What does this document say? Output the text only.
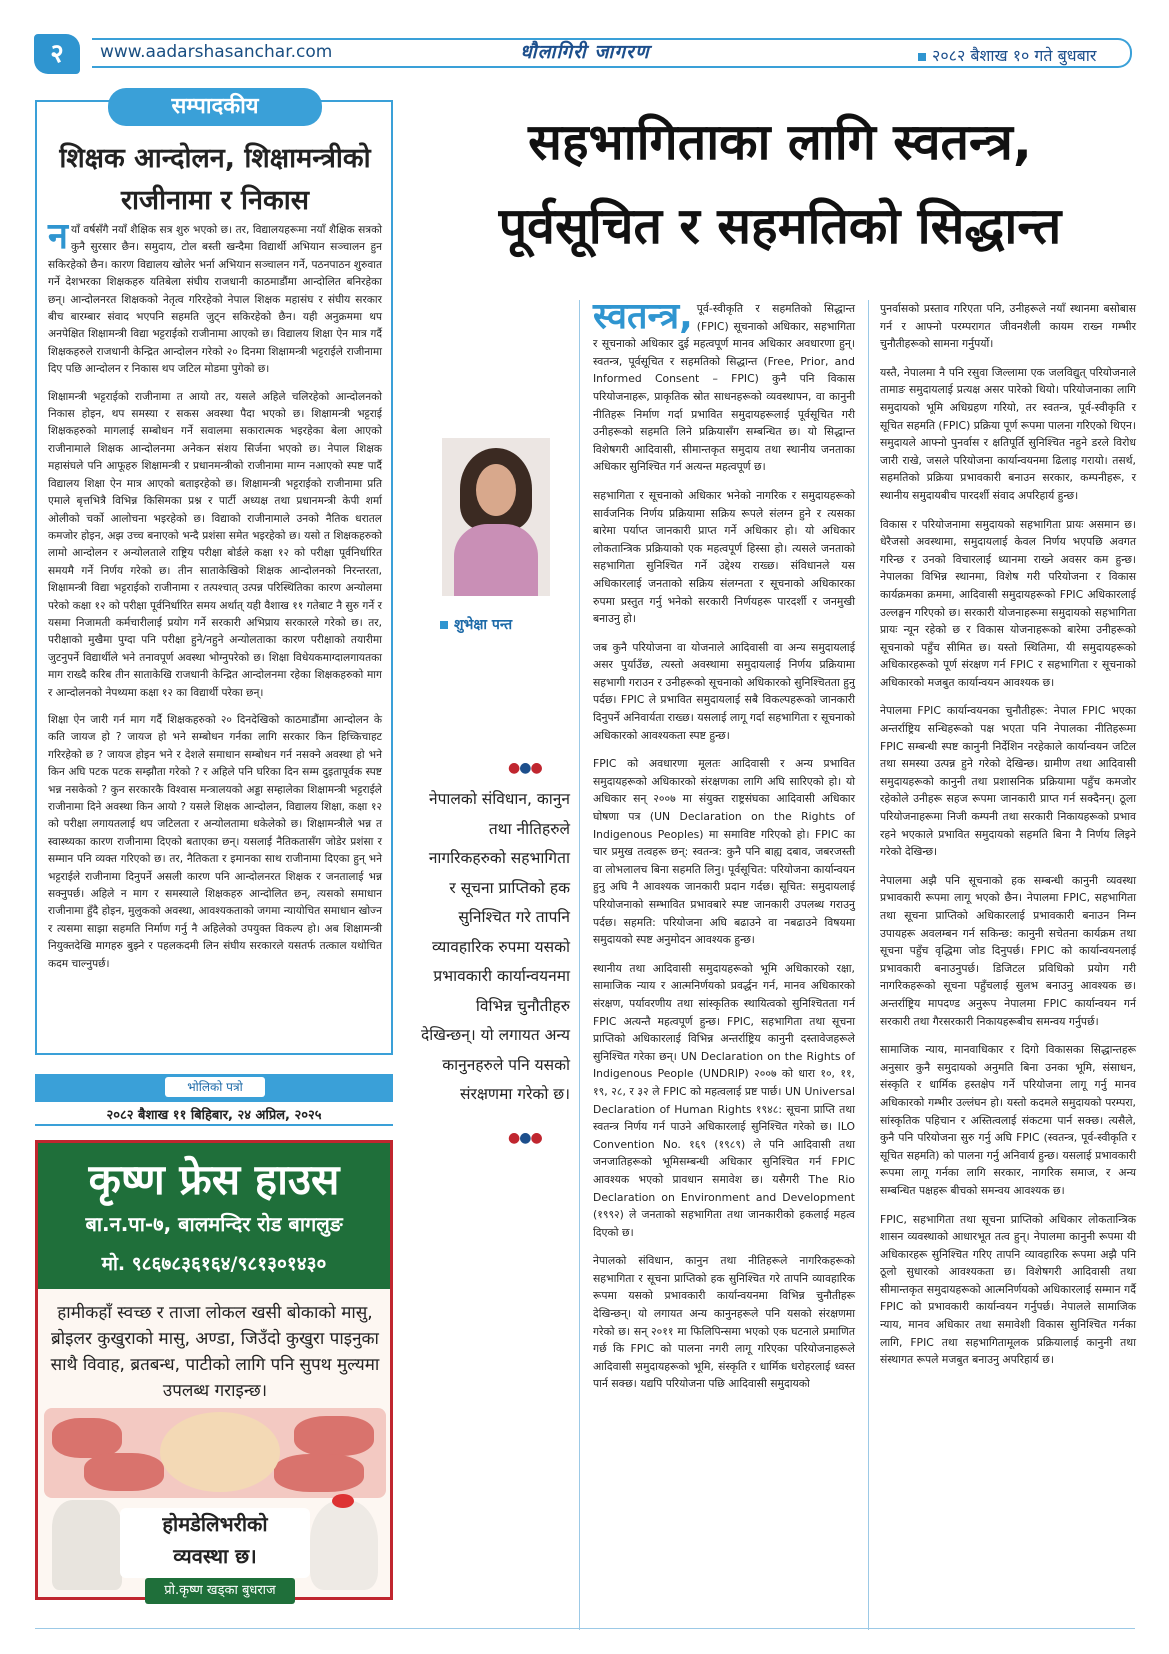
२	www.aadarshasanchar.com	धौलागिरी जागरण	२०८२ बैशाख १० गते बुधबार
सम्पादकीय
शिक्षक आन्दोलन, शिक्षामन्त्रीको
राजीनामा र निकास

नयाँ वर्षसँगै नयाँ शैक्षिक सत्र शुरु भएको छ। तर, विद्यालयहरूमा नयाँ शैक्षिक सत्रको कुनै सुरसार छैन। समुदाय, टोल बस्ती खन्दैमा विद्यार्थी अभियान सञ्चालन हुन सकिरहेको छैन। कारण विद्यालय खोलेर भर्ना अभियान सञ्चालन गर्ने, पठनपाठन शुरुवात गर्ने देशभरका शिक्षकहरु यतिबेला संघीय राजधानी काठमाडौंमा आन्दोलित बनिरहेका छन्। आन्दोलनरत शिक्षकको नेतृत्व गरिरहेको नेपाल शिक्षक महासंघ र संघीय सरकार बीच बारम्बार संवाद भएपनि सहमति जुट्न सकिरहेको छैन। यही अनुक्रममा थप अनपेक्षित शिक्षामन्त्री विद्या भट्टराईको राजीनामा आएको छ। विद्यालय शिक्षा ऐन मात्र गर्दै शिक्षकहरुले राजधानी केन्द्रित आन्दोलन गरेको २० दिनमा शिक्षामन्त्री भट्टराईले राजीनामा दिए पछि आन्दोलन र निकास थप जटिल मोडमा पुगेको छ।

शिक्षामन्त्री भट्टराईको राजीनामा त आयो तर, यसले अहिले चलिरहेको आन्दोलनको निकास होइन, थप समस्या र सकस अवस्था पैदा भएको छ। शिक्षामन्त्री भट्टराई शिक्षकहरुको मागलाई सम्बोधन गर्ने सवालमा सकारात्मक भइरहेका बेला आएको राजीनामाले शिक्षक आन्दोलनमा अनेकन संशय सिर्जना भएको छ। नेपाल शिक्षक महासंघले पनि आफूहरु शिक्षामन्त्री र प्रधानमन्त्रीको राजीनामा माग्न नआएको स्पष्ट पार्दै विद्यालय शिक्षा ऐन मात्र आएको बताइरहेको छ। शिक्षामन्त्री भट्टराईको राजीनामा प्रति एमाले बृत्तभित्रै विभिन्न किसिमका प्रश्न र पार्टी अध्यक्ष तथा प्रधानमन्त्री केपी शर्मा ओलीको चर्को आलोचना भइरहेको छ। विद्याको राजीनामाले उनको नैतिक धरातल कमजोर होइन, अझ उच्च बनाएको भन्दै प्रशंसा समेत भइरहेको छ। यसो त शिक्षकहरुको लामो आन्दोलन र अन्योलताले राष्ट्रिय परीक्षा बोर्डले कक्षा १२ को परीक्षा पूर्वनिर्धारित समयमै गर्ने निर्णय गरेको छ। तीन साताकेखिको शिक्षक आन्दोलनको निरन्तरता, शिक्षामन्त्री विद्या भट्टराईको राजीनामा र तत्पश्चात् उत्पन्न परिस्थितिका कारण अन्योलमा परेको कक्षा १२ को परीक्षा पूर्वनिर्धारित समय अर्थात् यही वैशाख ११ गतेबाट नै सुरु गर्ने र यसमा निजामती कर्मचारीलाई प्रयोग गर्ने सरकारी अभिप्राय सरकारले गरेको छ। तर, परीक्षाको मुखैमा पुग्दा पनि परीक्षा हुने/नहुने अन्योलताका कारण परीक्षाको तयारीमा जुटनुपर्ने विद्यार्थीले भने तनावपूर्ण अवस्था भोग्नुपरेको छ। शिक्षा विधेयकमाग्दालगायतका माग राख्दै करिब तीन साताकेखि राजधानी केन्द्रित आन्दोलनमा रहेका शिक्षकहरुको माग र आन्दोलनको नेपथ्यमा कक्षा १२ का विद्यार्थी परेका छन्।

शिक्षा ऐन जारी गर्न माग गर्दै शिक्षकहरुको २० दिनदेखिको काठमाडौंमा आन्दोलन के कति जायज हो ? जायज हो भने सम्बोधन गर्नका लागि सरकार किन हिच्किचाहट गरिरहेको छ ? जायज होइन भने र देशले समाधान सम्बोधन गर्न नसक्ने अवस्था हो भने किन अघि पटक पटक सम्झौता गरेको ? र अहिले पनि घरिका दिन सम्म दुइतापूर्वक स्पष्ट भन्न नसकेको ? कुन सरकारकै विश्वास मन्त्रालयको अड्डा सम्हालेका शिक्षामन्त्री भट्टराईले राजीनामा दिने अवस्था किन आयो ? यसले शिक्षक आन्दोलन, विद्यालय शिक्षा, कक्षा १२ को परीक्षा लगायतलाई थप जटिलता र अन्योलतामा धकेलेको छ। शिक्षामन्त्रीले भन्न त स्वास्थ्यका कारण राजीनामा दिएको बताएका छन्। यसलाई नैतिकतासँग जोडेर प्रशंसा र सम्मान पनि व्यक्त गरिएको छ। तर, नैतिकता र इमानका साथ राजीनामा दिएका हुन् भने भट्टराईले राजीनामा दिनुपर्ने असली कारण पनि आन्दोलनरत शिक्षक र जनतालाई भन्न सक्नुपर्छ। अहिले न माग र समस्याले शिक्षकहरु आन्दोलित छन्, त्यसको समाधान राजीनामा हुँदै होइन, मुलुकको अवस्था, आवश्यकताको जगमा न्यायोचित समाधान खोज्न र त्यसमा साझा सहमति निर्माण गर्नु नै अहिलेको उपयुक्त विकल्प हो। अब शिक्षामन्त्री नियुक्तदेखि मागहरु बुझ्ने र पहलकदमी लिन संघीय सरकारले यसतर्फ तत्काल यथोचित कदम चाल्नुपर्छ।

भोलिको पत्रो
२०८२ बैशाख ११ बिहिबार, २४ अप्रिल, २०२५
कृष्ण फ्रेस हाउस
बा.न.पा-७, बालमन्दिर रोड बागलुङ
मो. ९८६७८३६१६४/९८१३०१४३०
हामीकहाँ स्वच्छ र ताजा लोकल खसी बोकाको मासु, ब्रोइलर कुखुराको मासु, अण्डा, जिउँदो कुखुरा पाइनुका साथै विवाह, ब्रतबन्ध, पाटीको लागि पनि सुपथ मुल्यमा उपलब्ध गराइन्छ।
होमडेलिभरीको
व्यवस्था छ।
प्रो.कृष्ण खड्का बुधराज
सहभागिताका लागि स्वतन्त्र,
पूर्वसूचित र सहमतिको सिद्धान्त
शुभेक्षा पन्त
●●●
नेपालको संविधान, कानुन तथा नीतिहरुले नागरिकहरुको सहभागिता र सूचना प्राप्तिको हक सुनिश्चित गरे तापनि व्यावहारिक रुपमा यसको प्रभावकारी कार्यान्वयनमा विभिन्न चुनौतीहरु देखिन्छन्। यो लगायत अन्य कानुनहरुले पनि यसको संरक्षणमा गरेको छ।
●●●

स्वतन्त्र, पूर्व-स्वीकृति र सहमतिको सिद्धान्त (FPIC) सूचनाको अधिकार, सहभागिता र सूचनाको अधिकार दुई महत्वपूर्ण मानव अधिकार अवधारणा हुन्। स्वतन्त्र, पूर्वसूचित र सहमतिको सिद्धान्त (Free, Prior, and Informed Consent – FPIC) कुनै पनि विकास परियोजनाहरू, प्राकृतिक स्रोत साधनहरूको व्यवस्थापन, वा कानुनी नीतिहरू निर्माण गर्दा प्रभावित समुदायहरूलाई पूर्वसूचित गरी उनीहरूको सहमति लिने प्रक्रियासँग सम्बन्धित छ। यो सिद्धान्त विशेषगरी आदिवासी, सीमान्तकृत समुदाय तथा स्थानीय जनताका अधिकार सुनिश्चित गर्न अत्यन्त महत्वपूर्ण छ।

सहभागिता र सूचनाको अधिकार भनेको नागरिक र समुदायहरूको सार्वजनिक निर्णय प्रक्रियामा सक्रिय रूपले संलग्न हुने र त्यसका बारेमा पर्याप्त जानकारी प्राप्त गर्ने अधिकार हो। यो अधिकार लोकतान्त्रिक प्रक्रियाको एक महत्वपूर्ण हिस्सा हो। त्यसले जनताको सहभागिता सुनिश्चित गर्ने उद्देश्य राख्छ। संविधानले यस अधिकारलाई जनताको सक्रिय संलग्नता र सूचनाको अधिकारका रुपमा प्रस्तुत गर्नु भनेको सरकारी निर्णयहरू पारदर्शी र जनमुखी बनाउनु हो।

जब कुनै परियोजना वा योजनाले आदिवासी वा अन्य समुदायलाई असर पुर्याउँछ, त्यस्तो अवस्थामा समुदायलाई निर्णय प्रक्रियामा सहभागी गराउन र उनीहरूको सूचनाको अधिकारको सुनिश्चितता हुनु पर्दछ। FPIC ले प्रभावित समुदायलाई सबै विकल्पहरूको जानकारी दिनुपर्ने अनिवार्यता राख्छ। यसलाई लागू गर्दा सहभागिता र सूचनाको अधिकारको आवश्यकता स्पष्ट हुन्छ।

FPIC को अवधारणा मूलतः आदिवासी र अन्य प्रभावित समुदायहरूको अधिकारको संरक्षणका लागि अघि सारिएको हो। यो अधिकार सन् २००७ मा संयुक्त राष्ट्रसंघका आदिवासी अधिकार घोषणा पत्र (UN Declaration on the Rights of Indigenous Peoples) मा समाविष्ट गरिएको हो। FPIC का चार प्रमुख तत्वहरू छन्: स्वतन्त्र: कुनै पनि बाह्य दबाव, जबरजस्ती वा लोभलालच बिना सहमति लिनु। पूर्वसूचित: परियोजना कार्यान्वयन हुनु अघि नै आवश्यक जानकारी प्रदान गर्दछ। सूचित: समुदायलाई परियोजनाको सम्भावित प्रभावबारे स्पष्ट जानकारी उपलब्ध गराउनु पर्दछ। सहमति: परियोजना अघि बढाउने वा नबढाउने विषयमा समुदायको स्पष्ट अनुमोदन आवश्यक हुन्छ।

स्थानीय तथा आदिवासी समुदायहरूको भूमि अधिकारको रक्षा, सामाजिक न्याय र आत्मनिर्णयको प्रवर्द्धन गर्न, मानव अधिकारको संरक्षण, पर्यावरणीय तथा सांस्कृतिक स्थायित्वको सुनिश्चितता गर्न FPIC अत्यन्तै महत्वपूर्ण हुन्छ। FPIC, सहभागिता तथा सूचना प्राप्तिको अधिकारलाई विभिन्न अन्तर्राष्ट्रिय कानुनी दस्तावेजहरूले सुनिश्चित गरेका छन्। UN Declaration on the Rights of Indigenous People (UNDRIP) २००७ को धारा १०, ११, १९, २८, र ३२ ले FPIC को महत्वलाई प्रष्ट पार्छ। UN Universal Declaration of Human Rights १९४८: सूचना प्राप्ति तथा स्वतन्त्र निर्णय गर्न पाउने अधिकारलाई सुनिश्चित गरेको छ। ILO Convention No. १६९ (१९८९) ले पनि आदिवासी तथा जनजातिहरूको भूमिसम्बन्धी अधिकार सुनिश्चित गर्न FPIC आवश्यक भएको प्रावधान समावेश छ। यसैगरी The Rio Declaration on Environment and Development (१९९२) ले जनताको सहभागिता तथा जानकारीको हकलाई महत्व दिएको छ।

नेपालको संविधान, कानुन तथा नीतिहरूले नागरिकहरूको सहभागिता र सूचना प्राप्तिको हक सुनिश्चित गरे तापनि व्यावहारिक रूपमा यसको प्रभावकारी कार्यान्वयनमा विभिन्न चुनौतीहरू देखिन्छन्। यो लगायत अन्य कानुनहरूले पनि यसको संरक्षणमा गरेको छ। सन् २०११ मा फिलिपिन्समा भएको एक घटनाले प्रमाणित गर्छ कि FPIC को पालना नगरी लागू गरिएका परियोजनाहरूले आदिवासी समुदायहरूको भूमि, संस्कृति र धार्मिक धरोहरलाई ध्वस्त पार्न सक्छ। यद्यपि परियोजना पछि आदिवासी समुदायको

पुनर्वासको प्रस्ताव गरिएता पनि, उनीहरूले नयाँ स्थानमा बसोबास गर्न र आफ्नो परम्परागत जीवनशैली कायम राख्न गम्भीर चुनौतीहरूको सामना गर्नुपर्यो।

यस्तै, नेपालमा नै पनि रसुवा जिल्लामा एक जलविद्युत् परियोजनाले तामाङ समुदायलाई प्रत्यक्ष असर पारेको थियो। परियोजनाका लागि समुदायको भूमि अधिग्रहण गरियो, तर स्वतन्त्र, पूर्व-स्वीकृति र सूचित सहमति (FPIC) प्रक्रिया पूर्ण रूपमा पालना गरिएको थिएन। समुदायले आफ्नो पुनर्वास र क्षतिपूर्ति सुनिश्चित नहुने डरले विरोध जारी राखे, जसले परियोजना कार्यान्वयनमा ढिलाइ गरायो। तसर्थ, सहमतिको प्रक्रिया प्रभावकारी बनाउन सरकार, कम्पनीहरू, र स्थानीय समुदायबीच पारदर्शी संवाद अपरिहार्य हुन्छ।

विकास र परियोजनामा समुदायको सहभागिता प्रायः असमान छ। धेरैजसो अवस्थामा, समुदायलाई केवल निर्णय भएपछि अवगत गरिन्छ र उनको विचारलाई ध्यानमा राख्ने अवसर कम हुन्छ। नेपालका विभिन्न स्थानमा, विशेष गरी परियोजना र विकास कार्यक्रमका क्रममा, आदिवासी समुदायहरूको FPIC अधिकारलाई उल्लङ्घन गरिएको छ। सरकारी योजनाहरूमा समुदायको सहभागिता प्रायः न्यून रहेको छ र विकास योजनाहरूको बारेमा उनीहरूको सूचनाको पहुँच सीमित छ। यस्तो स्थितिमा, यी समुदायहरूको अधिकारहरूको पूर्ण संरक्षण गर्न FPIC र सहभागिता र सूचनाको अधिकारको मजबुत कार्यान्वयन आवश्यक छ।

नेपालमा FPIC कार्यान्वयनका चुनौतीहरू: नेपाल FPIC भएका अन्तर्राष्ट्रिय सन्धिहरूको पक्ष भएता पनि नेपालका नीतिहरूमा FPIC सम्बन्धी स्पष्ट कानुनी निर्देशिन नरहेकाले कार्यान्वयन जटिल तथा समस्या उत्पन्न हुने गरेको देखिन्छ। ग्रामीण तथा आदिवासी समुदायहरूको कानुनी तथा प्रशासनिक प्रक्रियामा पहुँच कमजोर रहेकोले उनीहरू सहज रूपमा जानकारी प्राप्त गर्न सक्दैनन्। ठूला परियोजनाहरूमा निजी कम्पनी तथा सरकारी निकायहरूको प्रभाव रहने भएकाले प्रभावित समुदायको सहमति बिना नै निर्णय लिइने गरेको देखिन्छ।

नेपालमा अझै पनि सूचनाको हक सम्बन्धी कानुनी व्यवस्था प्रभावकारी रूपमा लागू भएको छैन। नेपालमा FPIC, सहभागिता तथा सूचना प्राप्तिको अधिकारलाई प्रभावकारी बनाउन निम्न उपायहरू अवलम्बन गर्न सकिन्छ: कानुनी सचेतना कार्यक्रम तथा सूचना पहुँच वृद्धिमा जोड दिनुपर्छ। FPIC को कार्यान्वयनलाई प्रभावकारी बनाउनुपर्छ। डिजिटल प्रविधिको प्रयोग गरी नागरिकहरूको सूचना पहुँचलाई सुलभ बनाउनु आवश्यक छ। अन्तर्राष्ट्रिय मापदण्ड अनुरूप नेपालमा FPIC कार्यान्वयन गर्न सरकारी तथा गैरसरकारी निकायहरूबीच समन्वय गर्नुपर्छ।

सामाजिक न्याय, मानवाधिकार र दिगो विकासका सिद्धान्तहरू अनुसार कुनै समुदायको अनुमति बिना उनका भूमि, संसाधन, संस्कृति र धार्मिक हस्तक्षेप गर्ने परियोजना लागू गर्नु मानव अधिकारको गम्भीर उल्लंघन हो। यस्तो कदमले समुदायको परम्परा, सांस्कृतिक पहिचान र अस्तित्वलाई संकटमा पार्न सक्छ। त्यसैले, कुनै पनि परियोजना सुरु गर्नु अघि FPIC (स्वतन्त्र, पूर्व-स्वीकृति र सूचित सहमति) को पालना गर्नु अनिवार्य हुन्छ। यसलाई प्रभावकारी रूपमा लागू गर्नका लागि सरकार, नागरिक समाज, र अन्य सम्बन्धित पक्षहरू बीचको समन्वय आवश्यक छ।

FPIC, सहभागिता तथा सूचना प्राप्तिको अधिकार लोकतान्त्रिक शासन व्यवस्थाको आधारभूत तत्व हुन्। नेपालमा कानुनी रूपमा यी अधिकारहरू सुनिश्चित गरिए तापनि व्यावहारिक रूपमा अझै पनि ठूलो सुधारको आवश्यकता छ। विशेषगरी आदिवासी तथा सीमान्तकृत समुदायहरूको आत्मनिर्णयको अधिकारलाई सम्मान गर्दै FPIC को प्रभावकारी कार्यान्वयन गर्नुपर्छ। नेपालले सामाजिक न्याय, मानव अधिकार तथा समावेशी विकास सुनिश्चित गर्नका लागि, FPIC तथा सहभागितामूलक प्रक्रियालाई कानुनी तथा संस्थागत रूपले मजबुत बनाउनु अपरिहार्य छ।
